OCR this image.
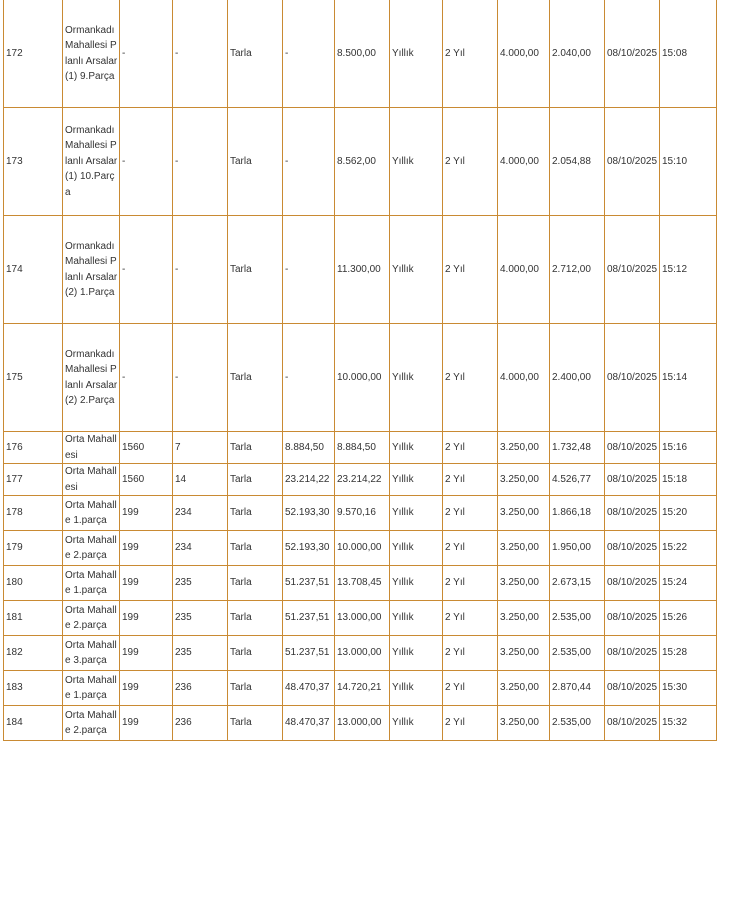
172	Ormankadı Mahallesi Planlı Arsalar(1) 9.Parça	-	-	Tarla	-	8.500,00	Yıllık	2 Yıl	4.000,00	2.040,00	08/10/2025	15:08
173	Ormankadı Mahallesi Planlı Arsalar(1) 10.Parça	-	-	Tarla	-	8.562,00	Yıllık	2 Yıl	4.000,00	2.054,88	08/10/2025	15:10
174	Ormankadı Mahallesi Planlı Arsalar(2) 1.Parça	-	-	Tarla	-	11.300,00	Yıllık	2 Yıl	4.000,00	2.712,00	08/10/2025	15:12
175	Ormankadı Mahallesi Planlı Arsalar(2) 2.Parça	-	-	Tarla	-	10.000,00	Yıllık	2 Yıl	4.000,00	2.400,00	08/10/2025	15:14
176	Orta Mahallesi	1560	7	Tarla	8.884,50	8.884,50	Yıllık	2 Yıl	3.250,00	1.732,48	08/10/2025	15:16
177	Orta Mahallesi	1560	14	Tarla	23.214,22	23.214,22	Yıllık	2 Yıl	3.250,00	4.526,77	08/10/2025	15:18
178	Orta Mahalle 1.parça	199	234	Tarla	52.193,30	9.570,16	Yıllık	2 Yıl	3.250,00	1.866,18	08/10/2025	15:20
179	Orta Mahalle 2.parça	199	234	Tarla	52.193,30	10.000,00	Yıllık	2 Yıl	3.250,00	1.950,00	08/10/2025	15:22
180	Orta Mahalle 1.parça	199	235	Tarla	51.237,51	13.708,45	Yıllık	2 Yıl	3.250,00	2.673,15	08/10/2025	15:24
181	Orta Mahalle 2.parça	199	235	Tarla	51.237,51	13.000,00	Yıllık	2 Yıl	3.250,00	2.535,00	08/10/2025	15:26
182	Orta Mahalle 3.parça	199	235	Tarla	51.237,51	13.000,00	Yıllık	2 Yıl	3.250,00	2.535,00	08/10/2025	15:28
183	Orta Mahalle 1.parça	199	236	Tarla	48.470,37	14.720,21	Yıllık	2 Yıl	3.250,00	2.870,44	08/10/2025	15:30
184	Orta Mahalle 2.parça	199	236	Tarla	48.470,37	13.000,00	Yıllık	2 Yıl	3.250,00	2.535,00	08/10/2025	15:32
